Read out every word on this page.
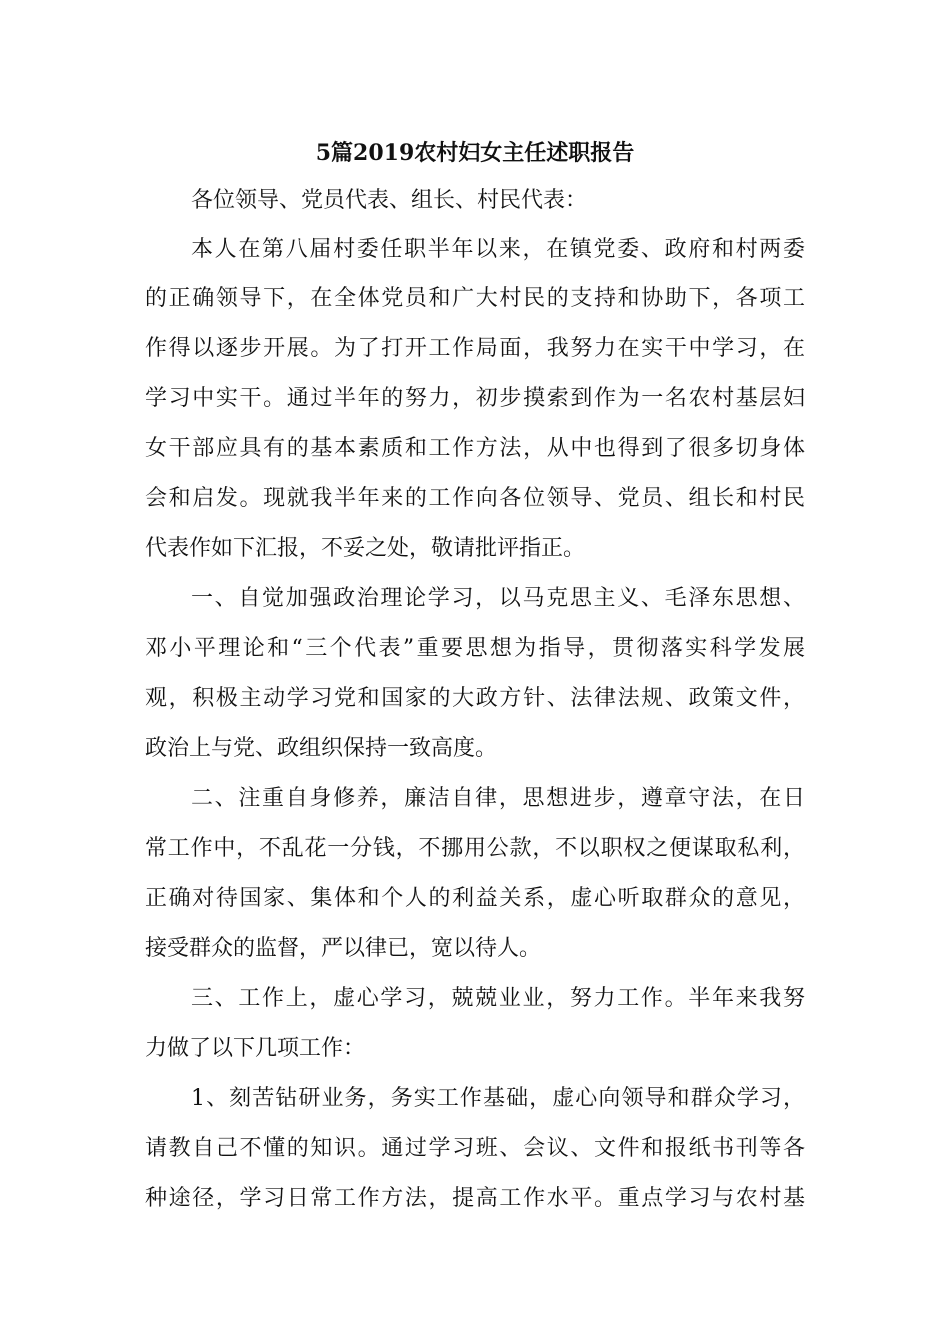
5篇2019农村妇女主任述职报告
各位领导、党员代表、组长、村民代表：
本人在第八届村委任职半年以来，在镇党委、政府和村两委
的正确领导下，在全体党员和广大村民的支持和协助下，各项工
作得以逐步开展。为了打开工作局面，我努力在实干中学习，在
学习中实干。通过半年的努力，初步摸索到作为一名农村基层妇
女干部应具有的基本素质和工作方法，从中也得到了很多切身体
会和启发。现就我半年来的工作向各位领导、党员、组长和村民
代表作如下汇报，不妥之处，敬请批评指正。
一、自觉加强政治理论学习，以马克思主义、毛泽东思想、
邓小平理论和“三个代表”重要思想为指导，贯彻落实科学发展
观，积极主动学习党和国家的大政方针、法律法规、政策文件，
政治上与党、政组织保持一致高度。
二、注重自身修养，廉洁自律，思想进步，遵章守法，在日
常工作中，不乱花一分钱，不挪用公款，不以职权之便谋取私利，
正确对待国家、集体和个人的利益关系，虚心听取群众的意见，
接受群众的监督，严以律已，宽以待人。
三、工作上，虚心学习，兢兢业业，努力工作。半年来我努
力做了以下几项工作：
1、刻苦钻研业务，务实工作基础，虚心向领导和群众学习，
请教自己不懂的知识。通过学习班、会议、文件和报纸书刊等各
种途径，学习日常工作方法，提高工作水平。重点学习与农村基
